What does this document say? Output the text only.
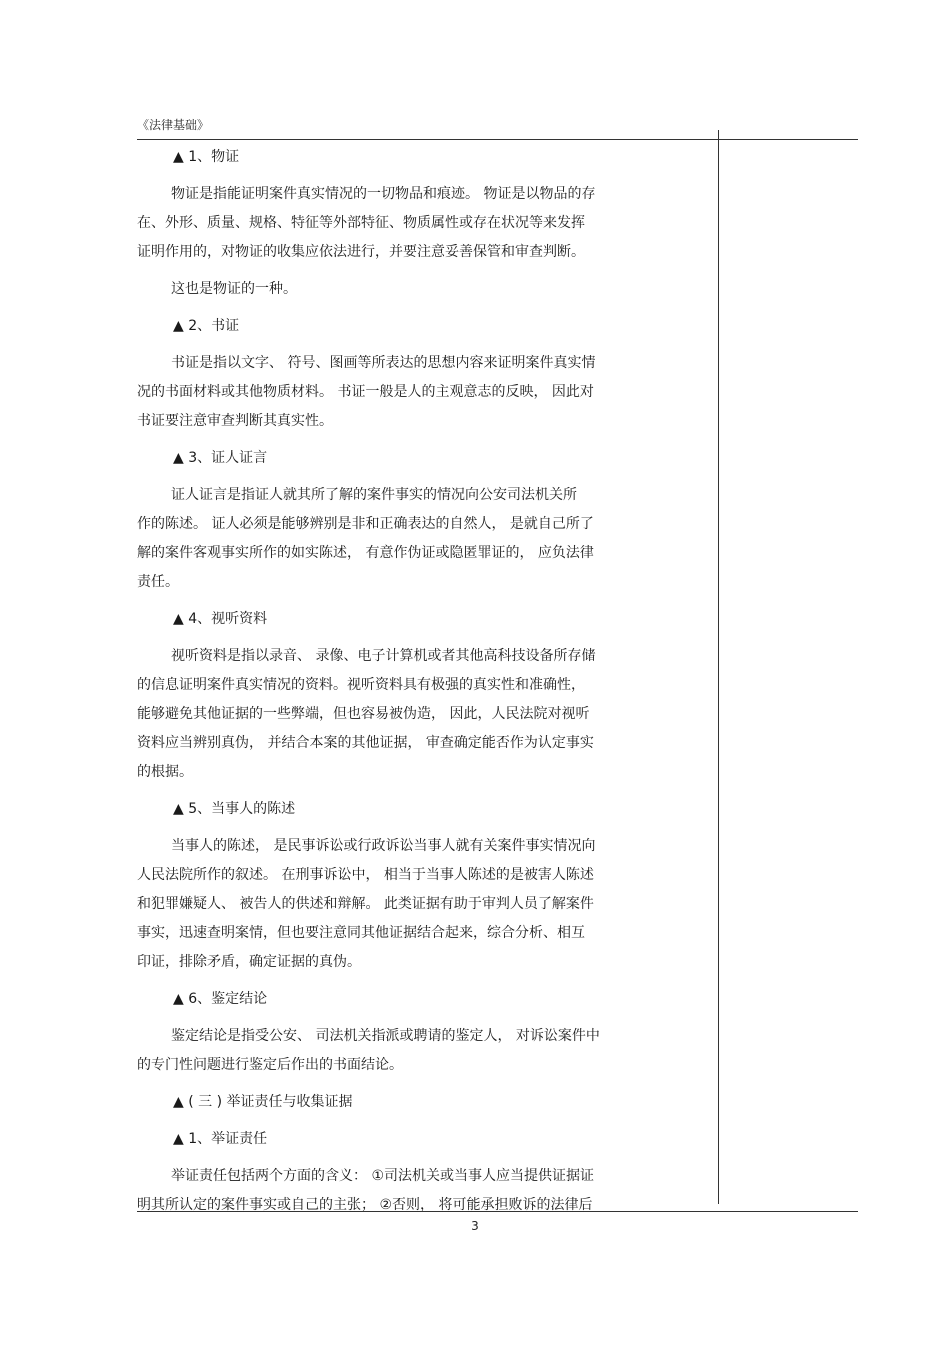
《法律基础》
▲ 1、物证
物证是指能证明案件真实情况的一切物品和痕迹。 物证是以物品的存
在、外形、质量、规格、特征等外部特征、物质属性或存在状况等来发挥
证明作用的，对物证的收集应依法进行，并要注意妥善保管和审查判断。
这也是物证的一种。
▲ 2、书证
书证是指以文字、 符号、图画等所表达的思想内容来证明案件真实情
况的书面材料或其他物质材料。 书证一般是人的主观意志的反映， 因此对
书证要注意审查判断其真实性。
▲ 3、证人证言
证人证言是指证人就其所了解的案件事实的情况向公安司法机关所
作的陈述。 证人必须是能够辨别是非和正确表达的自然人， 是就自己所了
解的案件客观事实所作的如实陈述， 有意作伪证或隐匿罪证的， 应负法律
责任。
▲ 4、视听资料
视听资料是指以录音、 录像、电子计算机或者其他高科技设备所存储
的信息证明案件真实情况的资料。视听资料具有极强的真实性和准确性，
能够避免其他证据的一些弊端，但也容易被伪造， 因此，人民法院对视听
资料应当辨别真伪， 并结合本案的其他证据， 审查确定能否作为认定事实
的根据。
▲ 5、当事人的陈述
当事人的陈述， 是民事诉讼或行政诉讼当事人就有关案件事实情况向
人民法院所作的叙述。 在刑事诉讼中， 相当于当事人陈述的是被害人陈述
和犯罪嫌疑人、 被告人的供述和辩解。 此类证据有助于审判人员了解案件
事实，迅速查明案情，但也要注意同其他证据结合起来，综合分析、相互
印证，排除矛盾，确定证据的真伪。
▲ 6、鉴定结论
鉴定结论是指受公安、 司法机关指派或聘请的鉴定人， 对诉讼案件中
的专门性问题进行鉴定后作出的书面结论。
▲ ( 三 ) 举证责任与收集证据
▲ 1、举证责任
举证责任包括两个方面的含义： ①司法机关或当事人应当提供证据证
明其所认定的案件事实或自己的主张； ②否则， 将可能承担败诉的法律后
3
